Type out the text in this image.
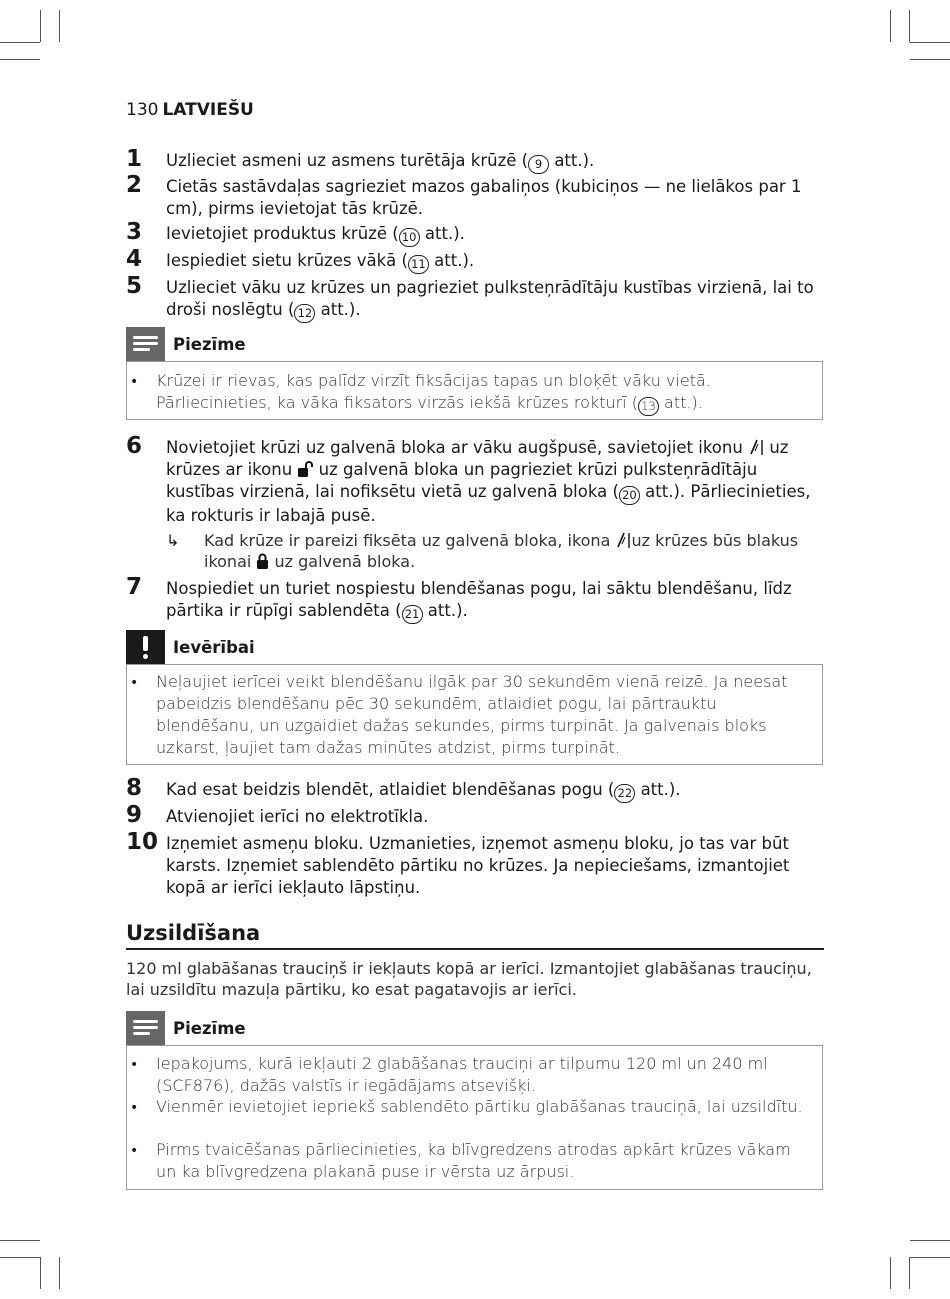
130 LATVIEŠU
1 Uzlieciet asmeni uz asmens turētāja krūzē ( 9 att.).
2 Cietās sastāvdaļas sagrieziet mazos gabaliņos (kubiciņos — ne lielākos par 1 cm), pirms ievietojat tās krūzē.
3 Ievietojiet produktus krūzē ( 10 att.).
4 Iespiediet sietu krūzes vākā ( 11 att.).
5 Uzlieciet vāku uz krūzes un pagrieziet pulksteņrādītāju kustības virzienā, lai to droši noslēgtu ( 12 att.).
Piezīme
• Krūzei ir rievas, kas palīdz virzīt fiksācijas tapas un bloķēt vāku vietā. Pārliecinieties, ka vāka fiksators virzās iekšā krūzes rokturī ( 13 att.).
6 Novietojiet krūzi uz galvenā bloka ar vāku augšpusē, savietojiet ikonu uz krūzes ar ikonu uz galvenā bloka un pagrieziet krūzi pulksteņrādītāju kustības virzienā, lai nofiksētu vietā uz galvenā bloka ( 20 att.). Pārliecinieties, ka rokturis ir labajā pusē.
↳ Kad krūze ir pareizi fiksēta uz galvenā bloka, ikona uz krūzes būs blakus ikonai uz galvenā bloka.
7 Nospiediet un turiet nospiestu blendēšanas pogu, lai sāktu blendēšanu, līdz pārtika ir rūpīgi sablendēta ( 21 att.).
Ievērībai
• Neļaujiet ierīcei veikt blendēšanu ilgāk par 30 sekundēm vienā reizē. Ja neesat pabeidzis blendēšanu pēc 30 sekundēm, atlaidiet pogu, lai pārtrauktu blendēšanu, un uzgaidiet dažas sekundes, pirms turpināt. Ja galvenais bloks uzkarst, ļaujiet tam dažas minūtes atdzist, pirms turpināt.
8 Kad esat beidzis blendēt, atlaidiet blendēšanas pogu ( 22 att.).
9 Atvienojiet ierīci no elektrotīkla.
10 Izņemiet asmeņu bloku. Uzmanieties, izņemot asmeņu bloku, jo tas var būt karsts. Izņemiet sablendēto pārtiku no krūzes. Ja nepieciešams, izmantojiet kopā ar ierīci iekļauto lāpstiņu.
Uzsildīšana
120 ml glabāšanas trauciņš ir iekļauts kopā ar ierīci. Izmantojiet glabāšanas trauciņu, lai uzsildītu mazuļa pārtiku, ko esat pagatavojis ar ierīci.
Piezīme
• Iepakojums, kurā iekļauti 2 glabāšanas trauciņi ar tilpumu 120 ml un 240 ml (SCF876), dažās valstīs ir iegādājams atsevišķi.
• Vienmēr ievietojiet iepriekš sablendēto pārtiku glabāšanas trauciņā, lai uzsildītu.
• Pirms tvaicēšanas pārliecinieties, ka blīvgredzens atrodas apkārt krūzes vākam un ka blīvgredzena plakanā puse ir vērsta uz ārpusi.
